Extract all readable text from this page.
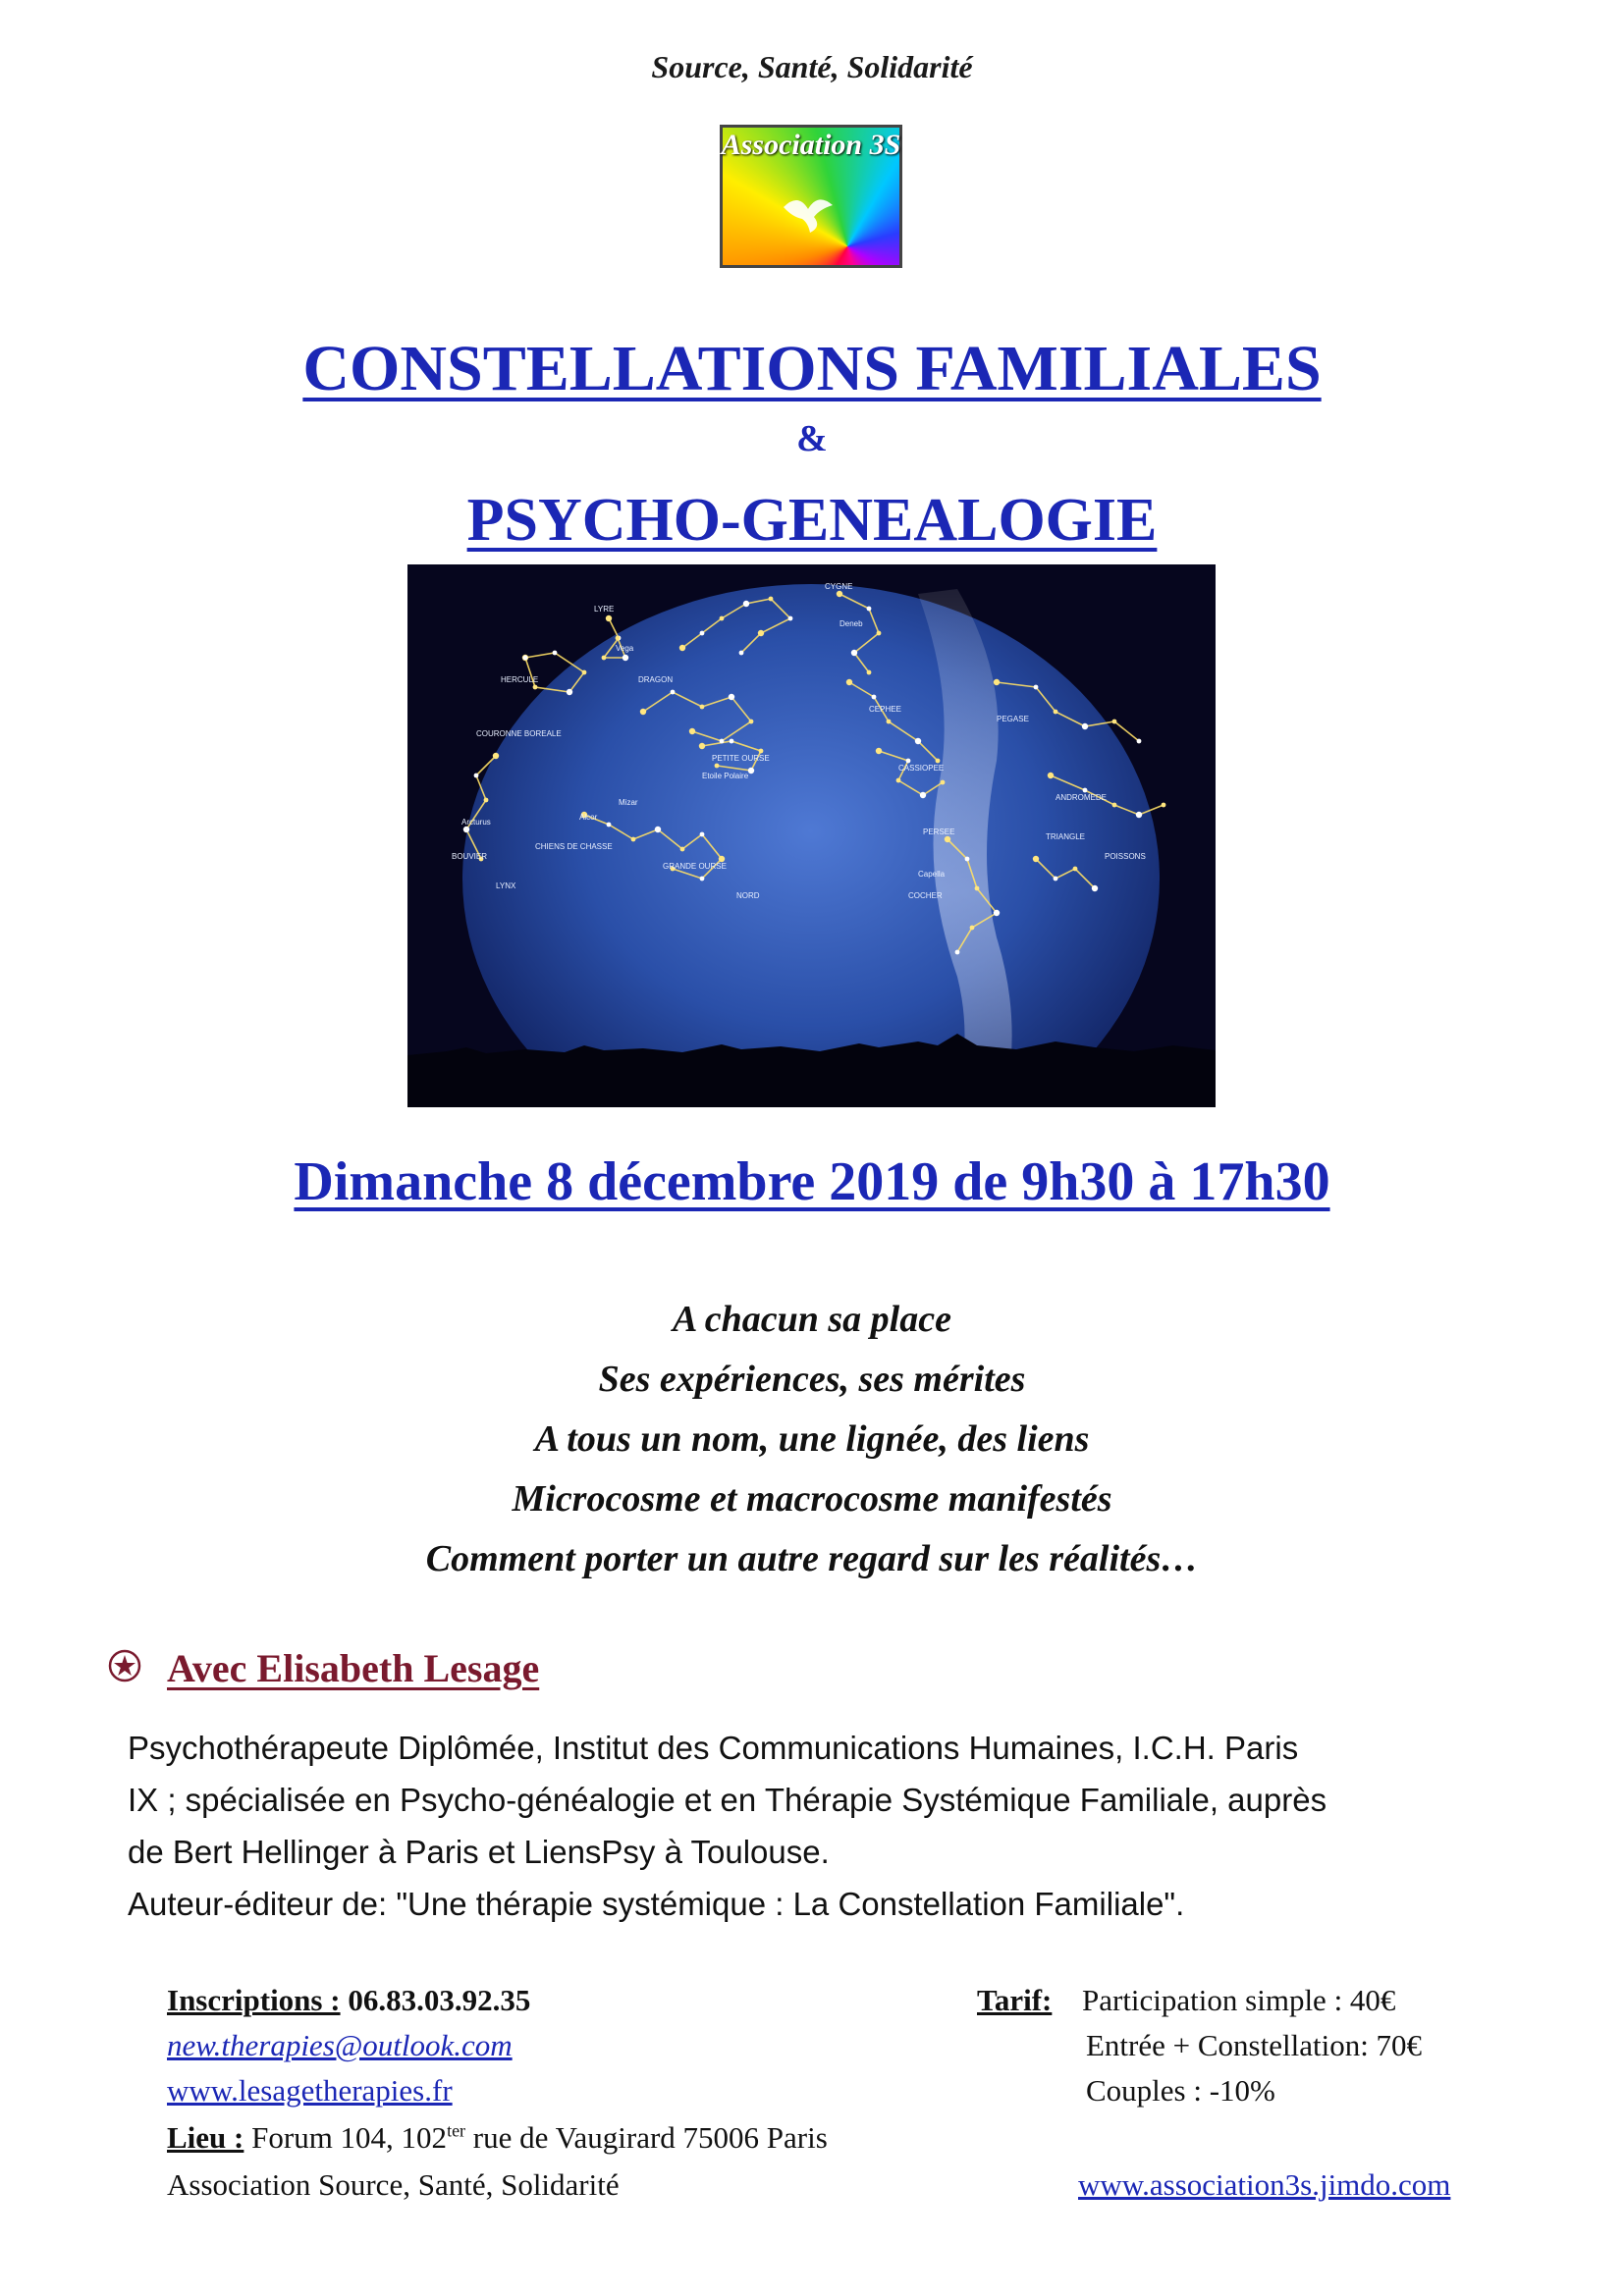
Source, Santé, Solidarité
Association 3S
CONSTELLATIONS FAMILIALES
&
PSYCHO-GENEALOGIE
LYRE
Vega
CYGNE
Deneb
HERCULE	DRAGON
COURONNE BOREALE
PETITE OURSE
Etoile Polaire
CEPHEE
PEGASE
CASSIOPEE
ANDROMEDE
PERSEE
TRIANGLE
POISSONS
GRANDE OURSE
Mizar
Alcor
Arcturus
BOUVIER
CHIENS DE CHASSE
LYNX
COCHER
Capella
NORD
Dimanche 8 décembre 2019 de 9h30 à 17h30
A chacun sa place
Ses expériences, ses mérites
A tous un nom, une lignée, des liens
Microcosme et macrocosme manifestés
Comment porter un autre regard sur les réalités…
Avec Elisabeth Lesage
Psychothérapeute Diplômée, Institut des Communications Humaines, I.C.H. Paris
IX ; spécialisée en Psycho-généalogie et en Thérapie Systémique Familiale, auprès
de Bert Hellinger à Paris et LiensPsy à Toulouse.
Auteur-éditeur de: "Une thérapie systémique : La Constellation Familiale".
Inscriptions : 06.83.03.92.35
new.therapies@outlook.com
www.lesagetherapies.fr
Lieu : Forum 104, $102^{ter}$ rue de Vaugirard 75006 Paris
Association Source, Santé, Solidarité
Tarif: Participation simple : 40€
Entrée + Constellation: 70€
Couples : -10%
www.association3s.jimdo.com
